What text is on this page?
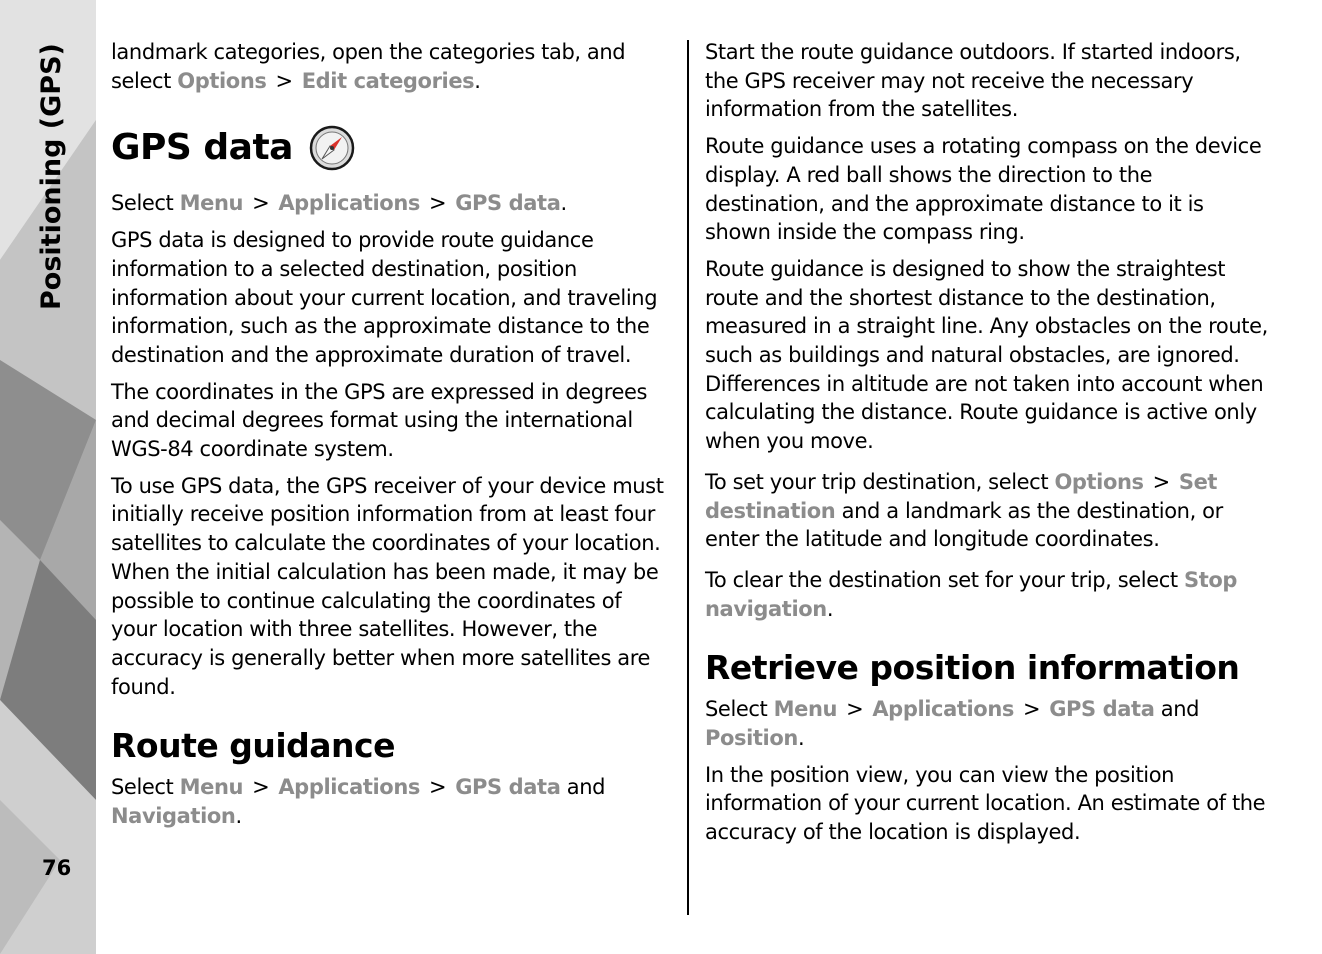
Positioning (GPS)
76

landmark categories, open the categories tab, and select Options > Edit categories.

GPS data

Select Menu > Applications > GPS data.

GPS data is designed to provide route guidance information to a selected destination, position information about your current location, and traveling information, such as the approximate distance to the destination and the approximate duration of travel.

The coordinates in the GPS are expressed in degrees and decimal degrees format using the international WGS-84 coordinate system.

To use GPS data, the GPS receiver of your device must initially receive position information from at least four satellites to calculate the coordinates of your location. When the initial calculation has been made, it may be possible to continue calculating the coordinates of your location with three satellites. However, the accuracy is generally better when more satellites are found.

Route guidance

Select Menu > Applications > GPS data and Navigation.

Start the route guidance outdoors. If started indoors, the GPS receiver may not receive the necessary information from the satellites.

Route guidance uses a rotating compass on the device display. A red ball shows the direction to the destination, and the approximate distance to it is shown inside the compass ring.

Route guidance is designed to show the straightest route and the shortest distance to the destination, measured in a straight line. Any obstacles on the route, such as buildings and natural obstacles, are ignored. Differences in altitude are not taken into account when calculating the distance. Route guidance is active only when you move.

To set your trip destination, select Options > Set destination and a landmark as the destination, or enter the latitude and longitude coordinates.

To clear the destination set for your trip, select Stop navigation.

Retrieve position information

Select Menu > Applications > GPS data and Position.

In the position view, you can view the position information of your current location. An estimate of the accuracy of the location is displayed.
